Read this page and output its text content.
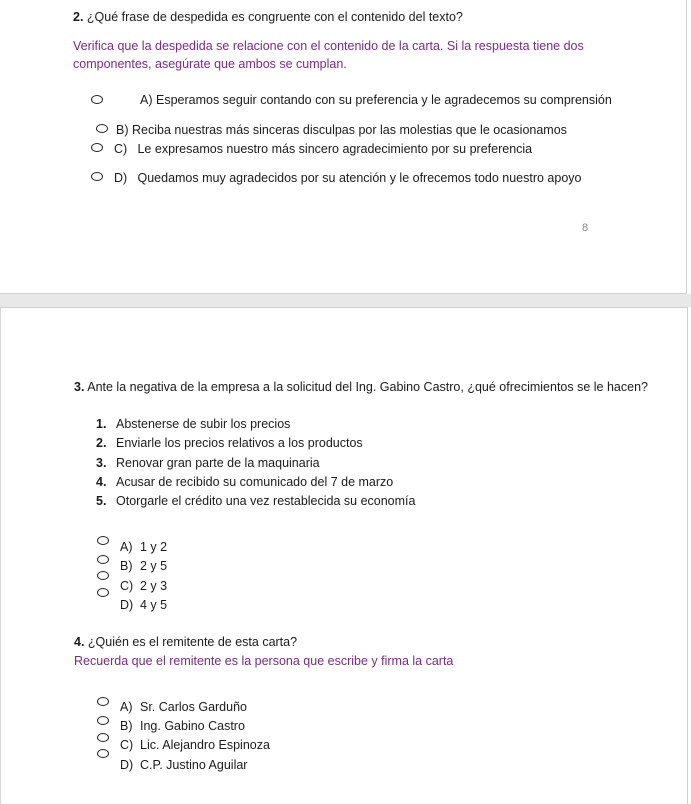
2. ¿Qué frase de despedida es congruente con el contenido del texto?
Verifica que la despedida se relacione con el contenido de la carta. Si la respuesta tiene dos
componentes, asegúrate que ambos se cumplan.
A) Esperamos seguir contando con su preferencia y le agradecemos su comprensión
B) Reciba nuestras más sinceras disculpas por las molestias que le ocasionamos
C) Le expresamos nuestro más sincero agradecimiento por su preferencia
D) Quedamos muy agradecidos por su atención y le ofrecemos todo nuestro apoyo
8
3. Ante la negativa de la empresa a la solicitud del Ing. Gabino Castro, ¿qué ofrecimientos se le hacen?
1. Abstenerse de subir los precios
2. Enviarle los precios relativos a los productos
3. Renovar gran parte de la maquinaria
4. Acusar de recibido su comunicado del 7 de marzo
5. Otorgarle el crédito una vez restablecida su economía
A) 1 y 2
B) 2 y 5
C) 2 y 3
D) 4 y 5
4. ¿Quién es el remitente de esta carta?
Recuerda que el remitente es la persona que escribe y firma la carta
A) Sr. Carlos Garduño
B) Ing. Gabino Castro
C) Lic. Alejandro Espinoza
D) C.P. Justino Aguilar
